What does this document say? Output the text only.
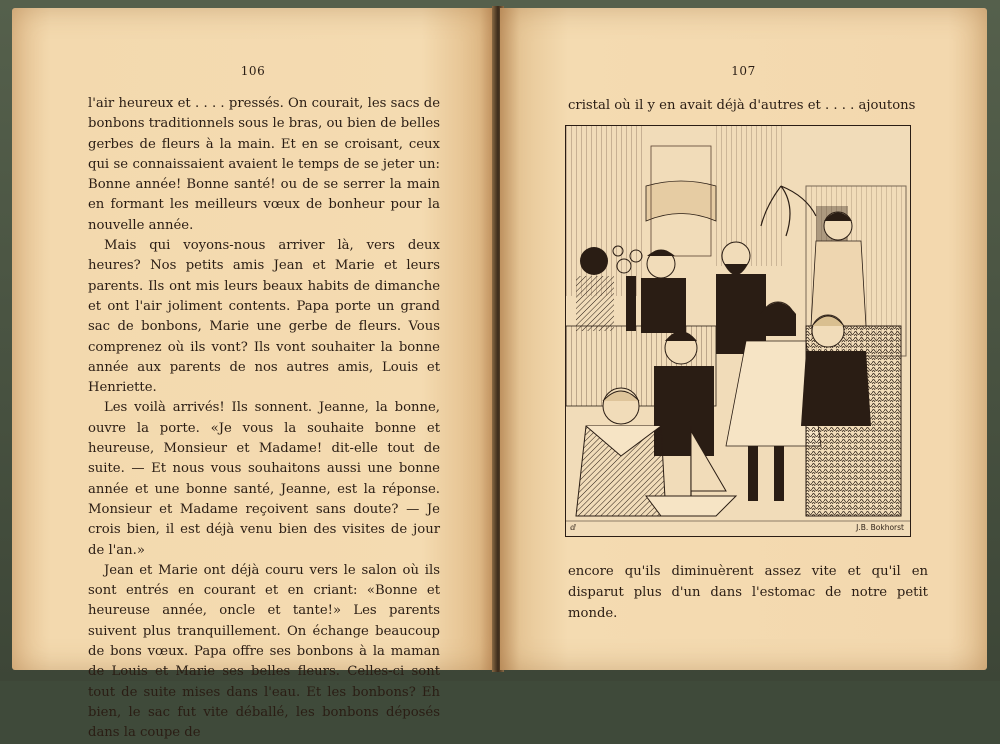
106

l'air heureux et . . . . pressés. On courait, les sacs de bonbons traditionnels sous le bras, ou bien de belles gerbes de fleurs à la main. Et en se croisant, ceux qui se connaissaient avaient le temps de se jeter un: Bonne année! Bonne santé! ou de se serrer la main en formant les meilleurs vœux de bonheur pour la nouvelle année.

Mais qui voyons-nous arriver là, vers deux heures? Nos petits amis Jean et Marie et leurs parents. Ils ont mis leurs beaux habits de dimanche et ont l'air joliment contents. Papa porte un grand sac de bonbons, Marie une gerbe de fleurs. Vous comprenez où ils vont? Ils vont souhaiter la bonne année aux parents de nos autres amis, Louis et Henriette.

Les voilà arrivés! Ils sonnent. Jeanne, la bonne, ouvre la porte. «Je vous la souhaite bonne et heureuse, Monsieur et Madame! dit-elle tout de suite. — Et nous vous souhaitons aussi une bonne année et une bonne santé, Jeanne, est la réponse. Monsieur et Madame reçoivent sans doute? — Je crois bien, il est déjà venu bien des visites de jour de l'an.»

Jean et Marie ont déjà couru vers le salon où ils sont entrés en courant et en criant: «Bonne et heureuse année, oncle et tante!» Les parents suivent plus tranquillement. On échange beaucoup de bons vœux. Papa offre ses bonbons à la maman de Louis et Marie ses belles fleurs. Celles-ci sont tout de suite mises dans l'eau. Et les bonbons? Eh bien, le sac fut vite déballé, les bonbons déposés dans la coupe de

107
cristal où il y en avait déjà d'autres et . . . . ajoutons
ⅆ	J.B. Bokhorst
encore qu'ils diminuèrent assez vite et qu'il en disparut plus d'un dans l'estomac de notre petit monde.
